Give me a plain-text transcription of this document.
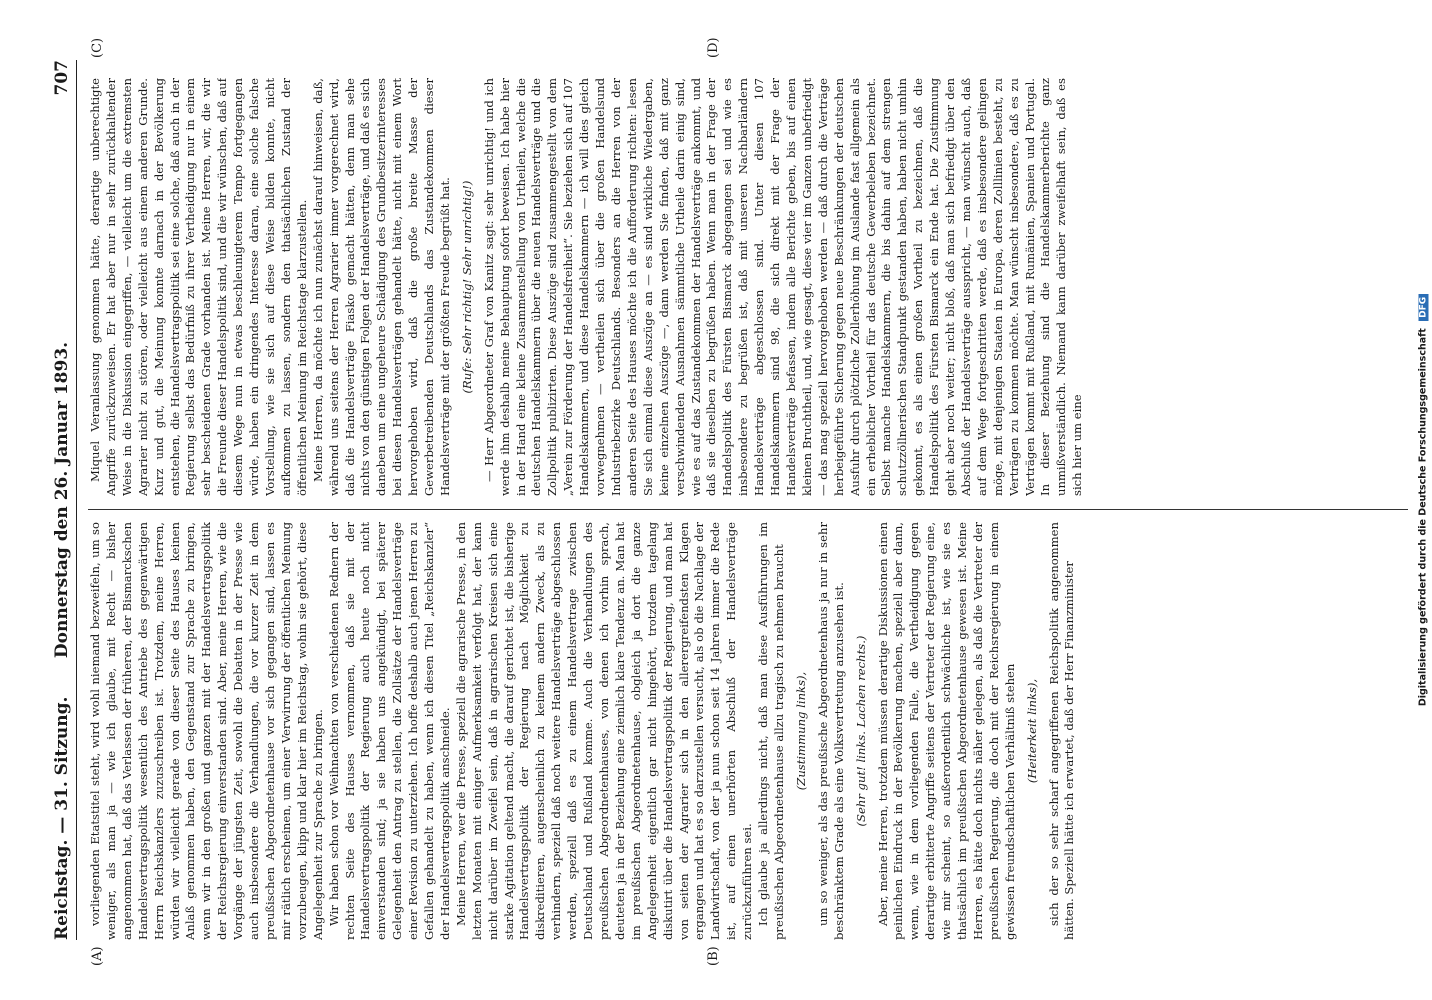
Reichstag. — 31. Sitzung.
Donnerstag den 26. Januar 1893.
707

vorliegenden Etatstitel steht, wird wohl niemand bezweifeln, um so weniger, als man ja — wie ich glaube, mit Recht — bisher angenommen hat, daß das Verlassen der früheren, der Bismarckschen Handelsvertragspolitik wesentlich des Antriebe des gegenwärtigen Herrn Reichskanzlers zuzuschreiben ist. Trotzdem, meine Herren, würden wir vielleicht gerade von dieser Seite des Hauses keinen Anlaß genommen haben, den Gegenstand zur Sprache zu bringen, wenn wir in den großen und ganzen mit der Handelsvertragspolitik der Reichsregierung einverstanden sind. Aber, meine Herren, wie die Vorgänge der jüngsten Zeit, sowohl die Debatten in der Presse wie auch insbesondere die Verhandlungen, die vor kurzer Zeit in dem preußischen Abgeordnetenhause vor sich gegangen sind, lassen es mir rätlich erscheinen, um einer Verwirrung der öffentlichen Meinung vorzubeugen, klipp und klar hier im Reichstag, wohin sie gehört, diese Angelegenheit zur Sprache zu bringen. Wir haben schon vor Weihnachten von verschiedenen Rednern der rechten Seite des Hauses vernommen, daß sie mit der Handelsvertragspolitik der Regierung auch heute noch nicht einverstanden sind; ja sie haben uns angekündigt, bei späterer Gelegenheit den Antrag zu stellen, die Zollsätze der Handelsverträge einer Revision zu unterziehen. Ich hoffe deshalb auch jenen Herren zu Gefallen gehandelt zu haben, wenn ich diesen Titel „Reichskanzler“ der Handelsvertragspolitik anschneide. Meine Herren, wer die Presse, speziell die agrarische Presse, in den letzten Monaten mit einiger Aufmerksamkeit verfolgt hat, der kann nicht darüber im Zweifel sein, daß in agrarischen Kreisen sich eine starke Agitation geltend macht, die darauf gerichtet ist, die bisherige Handelsvertragspolitik der Regierung nach Möglichkeit zu diskreditieren, augenscheinlich zu keinem andern Zweck, als zu verhindern, speziell daß noch weitere Handelsverträge abgeschlossen werden, speziell daß es zu einem Handelsvertrage zwischen Deutschland und Rußland komme. Auch die Verhandlungen des preußischen Abgeordnetenhauses, von denen ich vorhin sprach, deuteten ja in der Beziehung eine ziemlich klare Tendenz an. Man hat im preußischen Abgeordnetenhause, obgleich ja dort die ganze Angelegenheit eigentlich gar nicht hingehört, trotzdem tagelang diskutirt über die Handelsvertragspolitik der Regierung, und man hat von seiten der Agrarier sich in den allerergreifendsten Klagen ergangen und hat es so darzustellen versucht, als ob die Nachlage der Landwirtschaft, von der ja nun schon seit 14 Jahren immer die Rede ist, auf einen unerhörten Abschluß der Handelsverträge zurückzuführen sei. Ich glaube ja allerdings nicht, daß man diese Ausführungen im preußischen Abgeordnetenhause allzu tragisch zu nehmen braucht (Zustimmung links), um so weniger, als das preußische Abgeordnetenhaus ja nur in sehr beschränktem Grade als eine Volksvertretung anzusehen ist. (Sehr gut! links. Lachen rechts.) Aber, meine Herren, trotzdem müssen derartige Diskussionen einen peinlichen Eindruck in der Bevölkerung machen, speziell aber dann, wenn, wie in dem vorliegenden Falle, die Vertheidigung gegen derartige erbitterte Angriffe seitens der Vertreter der Regierung eine, wie mir scheint, so außerordentlich schwächliche ist, wie sie es thatsächlich im preußischen Abgeordnetenhause gewesen ist. Meine Herren, es hätte doch nichts näher gelegen, als daß die Vertreter der preußischen Regierung, die doch mit der Reichsregierung in einem gewissen freundschaftlichen Verhältniß stehen (Heiterkeit links), sich der so sehr scharf angegriffenen Reichspolitik angenommen hätten. Speziell hätte ich erwartet, daß der Herr Finanzminister

Miquel Veranlassung genommen hätte, derartige unberechtigte Angriffe zurückzuweisen. Er hat aber nur in sehr zurückhaltender Weise in die Diskussion eingegriffen, — vielleicht um die extremsten Agrarier nicht zu stören, oder vielleicht aus einem anderen Grunde. Kurz und gut, die Meinung konnte darnach in der Bevölkerung entstehen, die Handelsvertragspolitik sei eine solche, daß auch in der Regierung selbst das Bedürfniß zu ihrer Vertheidigung nur in einem sehr bescheidenen Grade vorhanden ist. Meine Herren, wir, die wir die Freunde dieser Handelspolitik sind, und die wir wünschen, daß auf diesem Wege nun in etwas beschleunigterem Tempo fortgegangen würde, haben ein dringendes Interesse daran, eine solche falsche Vorstellung, wie sie sich auf diese Weise bilden konnte, nicht aufkommen zu lassen, sondern den thatsächlichen Zustand der öffentlichen Meinung im Reichstage klarzustellen. Meine Herren, da möchte ich nun zunächst darauf hinweisen, daß, während uns seitens der Herren Agrarier immer vorgerechnet wird, daß die Handelsverträge Fiasko gemacht hätten, denn man sehe nichts von den günstigen Folgen der Handelsverträge, und daß es sich daneben um eine ungeheure Schädigung des Grundbesitzerinteresses bei diesen Handelsverträgen gehandelt hätte, nicht mit einem Wort hervorgehoben wird, daß die große breite Masse der Gewerbetreibenden Deutschlands das Zustandekommen dieser Handelsverträge mit der größten Freude begrüßt hat. (Rufe: Sehr richtig! Sehr unrichtig!) — Herr Abgeordneter Graf von Kanitz sagt: sehr unrichtig! und ich werde ihm deshalb meine Behauptung sofort beweisen. Ich habe hier in der Hand eine kleine Zusammenstellung von Urtheilen, welche die deutschen Handelskammern über die neuen Handelsverträge und die Zollpolitik publizirten. Diese Auszüge sind zusammengestellt von dem „Verein zur Förderung der Handelsfreiheit“. Sie beziehen sich auf 107 Handelskammern, und diese Handelskammern — ich will dies gleich vorwegnehmen — vertheilen sich über die großen Handelsund Industriebezirke Deutschlands. Besonders an die Herren von der anderen Seite des Hauses möchte ich die Aufforderung richten: lesen Sie sich einmal diese Auszüge an — es sind wirkliche Wiedergaben, keine einzelnen Auszüge —, dann werden Sie finden, daß mit ganz verschwindenden Ausnahmen sämmtliche Urtheile darin einig sind, wie es auf das Zustandekommen der Handelsverträge ankommt, und daß sie dieselben zu begrüßen haben. Wenn man in der Frage der Handelspolitik des Fürsten Bismarck abgegangen sei und wie es insbesondere zu begrüßen ist, daß mit unseren Nachbarländern Handelsverträge abgeschlossen sind. Unter diesen 107 Handelskammern sind 98, die sich direkt mit der Frage der Handelsverträge befassen, indem alle Berichte geben, bis auf einen kleinen Bruchtheil, und, wie gesagt, diese vier im Ganzen unbefriedigt — das mag speziell hervorgehoben werden — daß durch die Verträge herbeigeführte Sicherung gegen neue Beschränkungen der deutschen Ausfuhr durch plötzliche Zollerhöhung im Auslande fast allgemein als ein erheblicher Vortheil für das deutsche Gewerbeleben bezeichnet. Selbst manche Handelskammern, die bis dahin auf dem strengen schutzzöllnerischen Standpunkt gestanden haben, haben nicht umhin gekonnt, es als einen großen Vortheil zu bezeichnen, daß die Handelspolitik des Fürsten Bismarck ein Ende hat. Die Zustimmung geht aber noch weiter; nicht bloß, daß man sich befriedigt über den Abschluß der Handelsverträge ausspricht, — man wünscht auch, daß auf dem Wege fortgeschritten werde, daß es insbesondere gelingen möge, mit denjenigen Staaten in Europa, deren Zolllinien besteht, zu Verträgen zu kommen möchte. Man wünscht insbesondere, daß es zu Verträgen kommt mit Rußland, mit Rumänien, Spanien und Portugal. In dieser Beziehung sind die Handelskammerberichte ganz unmißverständlich. Niemand kann darüber zweifelhaft sein, daß es sich hier um eine

(A)	(B)
(C)	(D)
Digitalisierung gefördert durch die Deutsche Forschungsgemeinschaft DFG
